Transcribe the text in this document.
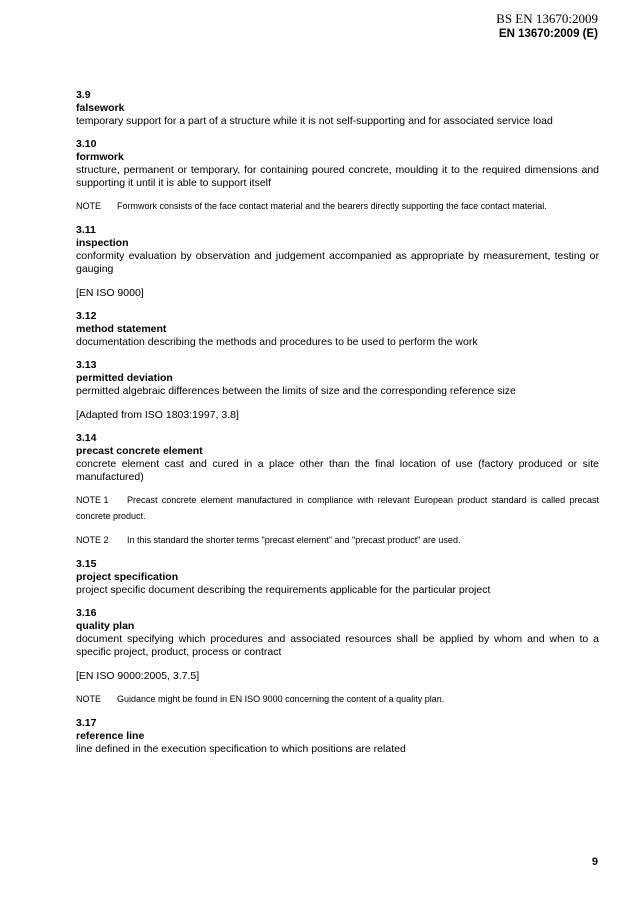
BS EN 13670:2009
EN 13670:2009 (E)
3.9
falsework
temporary support for a part of a structure while it is not self-supporting and for associated service load
3.10
formwork
structure, permanent or temporary, for containing poured concrete, moulding it to the required dimensions and supporting it until it is able to support itself
NOTE Formwork consists of the face contact material and the bearers directly supporting the face contact material.
3.11
inspection
conformity evaluation by observation and judgement accompanied as appropriate by measurement, testing or gauging
[EN ISO 9000]
3.12
method statement
documentation describing the methods and procedures to be used to perform the work
3.13
permitted deviation
permitted algebraic differences between the limits of size and the corresponding reference size
[Adapted from ISO 1803:1997, 3.8]
3.14
precast concrete element
concrete element cast and cured in a place other than the final location of use (factory produced or site manufactured)
NOTE 1 Precast concrete element manufactured in compliance with relevant European product standard is called precast concrete product.
NOTE 2 In this standard the shorter terms "precast element" and "precast product" are used.
3.15
project specification
project specific document describing the requirements applicable for the particular project
3.16
quality plan
document specifying which procedures and associated resources shall be applied by whom and when to a specific project, product, process or contract
[EN ISO 9000:2005, 3.7.5]
NOTE Guidance might be found in EN ISO 9000 concerning the content of a quality plan.
3.17
reference line
line defined in the execution specification to which positions are related
9
